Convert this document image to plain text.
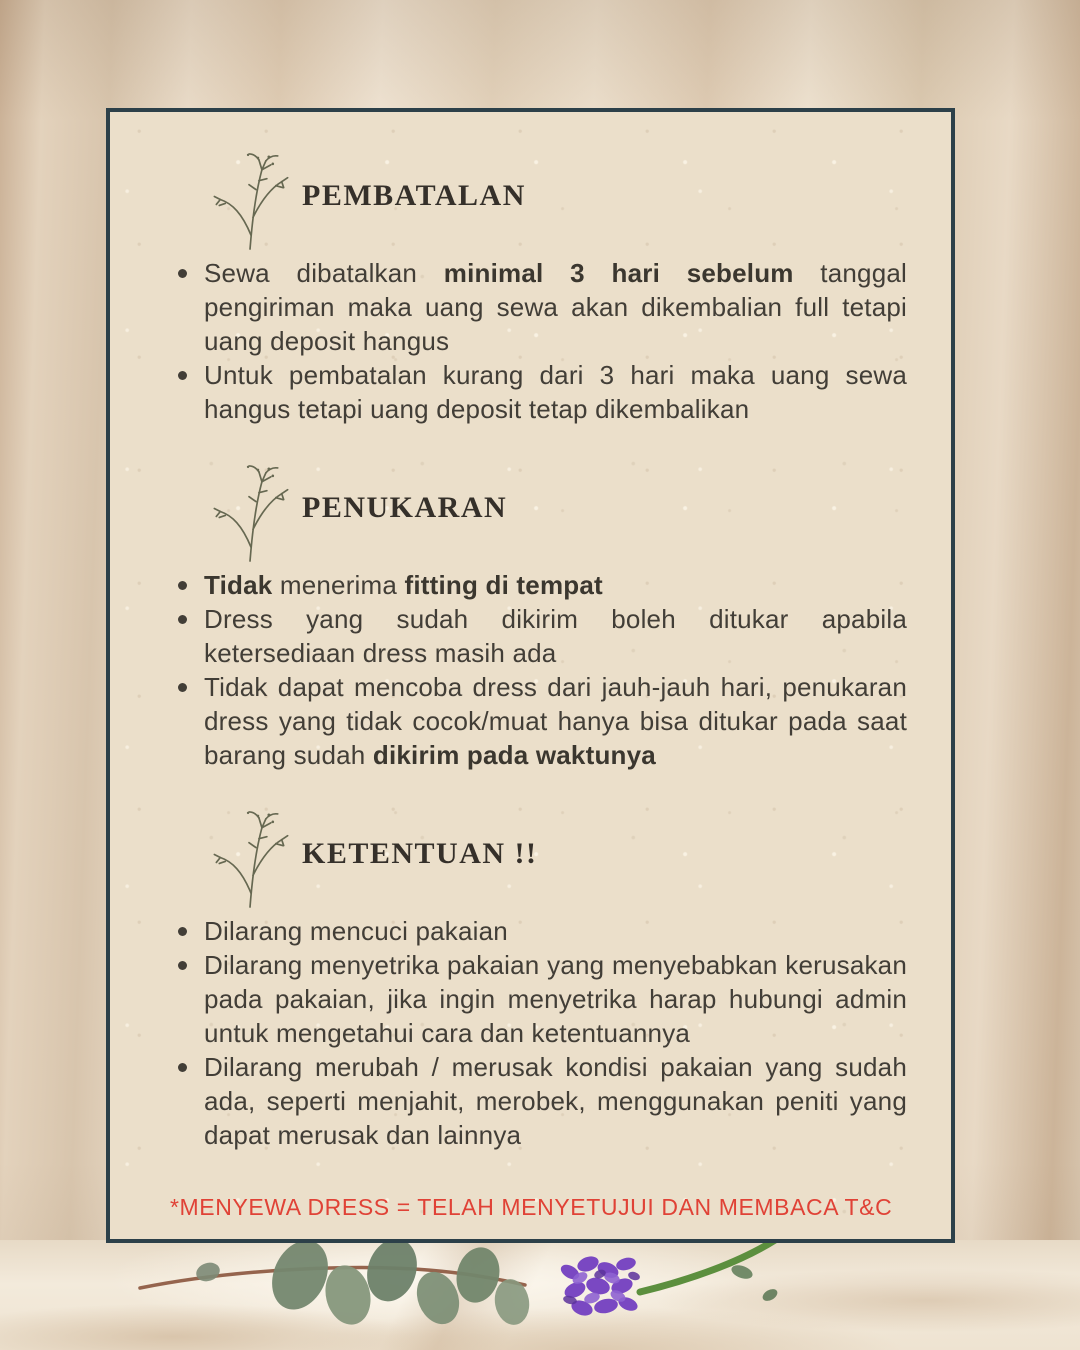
PEMBATALAN
Sewa dibatalkan minimal 3 hari sebelum tanggal pengiriman maka uang sewa akan dikembalian full tetapi uang deposit hangus
Untuk pembatalan kurang dari 3 hari maka uang sewa hangus tetapi uang deposit tetap dikembalikan
PENUKARAN
Tidak menerima fitting di tempat
Dress yang sudah dikirim boleh ditukar apabila ketersediaan dress masih ada
Tidak dapat mencoba dress dari jauh-jauh hari, penukaran dress yang tidak cocok/muat hanya bisa ditukar pada saat barang sudah dikirim pada waktunya
KETENTUAN !!
Dilarang mencuci pakaian
Dilarang menyetrika pakaian yang menyebabkan kerusakan pada pakaian, jika ingin menyetrika harap hubungi admin untuk mengetahui cara dan ketentuannya
Dilarang merubah / merusak kondisi pakaian yang sudah ada, seperti menjahit, merobek, menggunakan peniti yang dapat merusak dan lainnya
*MENYEWA DRESS = TELAH MENYETUJUI DAN MEMBACA T&C
